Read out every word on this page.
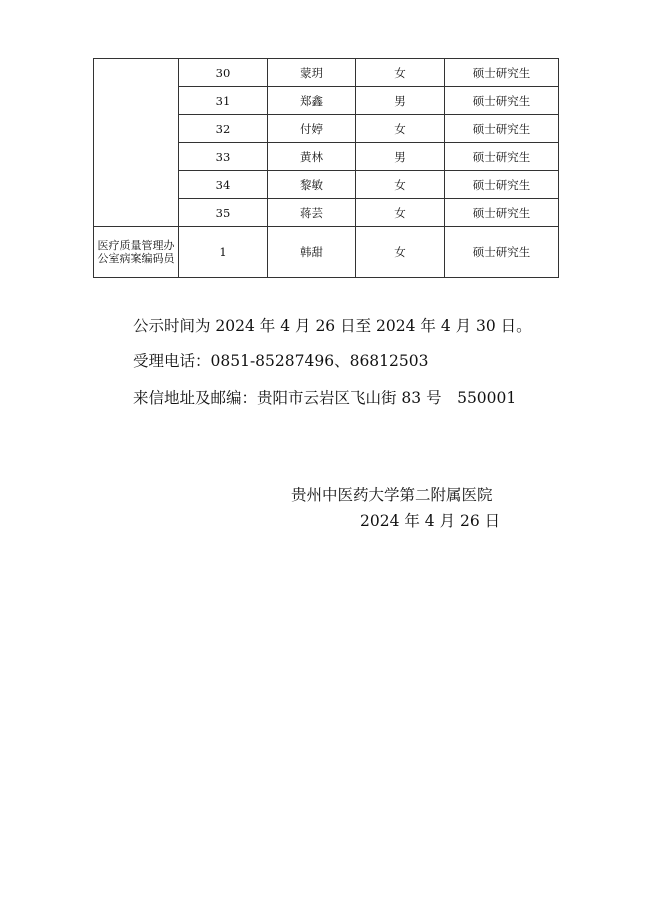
	30	蒙玥	女	硕士研究生
	31	郑鑫	男	硕士研究生
	32	付婷	女	硕士研究生
	33	黄林	男	硕士研究生
	34	黎敏	女	硕士研究生
	35	蒋芸	女	硕士研究生
医疗质量管理办公室病案编码员	1	韩甜	女	硕士研究生
公示时间为 2024 年 4 月 26 日至 2024 年 4 月 30 日。
受理电话：0851-85287496、86812503
来信地址及邮编：贵阳市云岩区飞山街 83 号　550001
贵州中医药大学第二附属医院
2024 年 4 月 26 日
